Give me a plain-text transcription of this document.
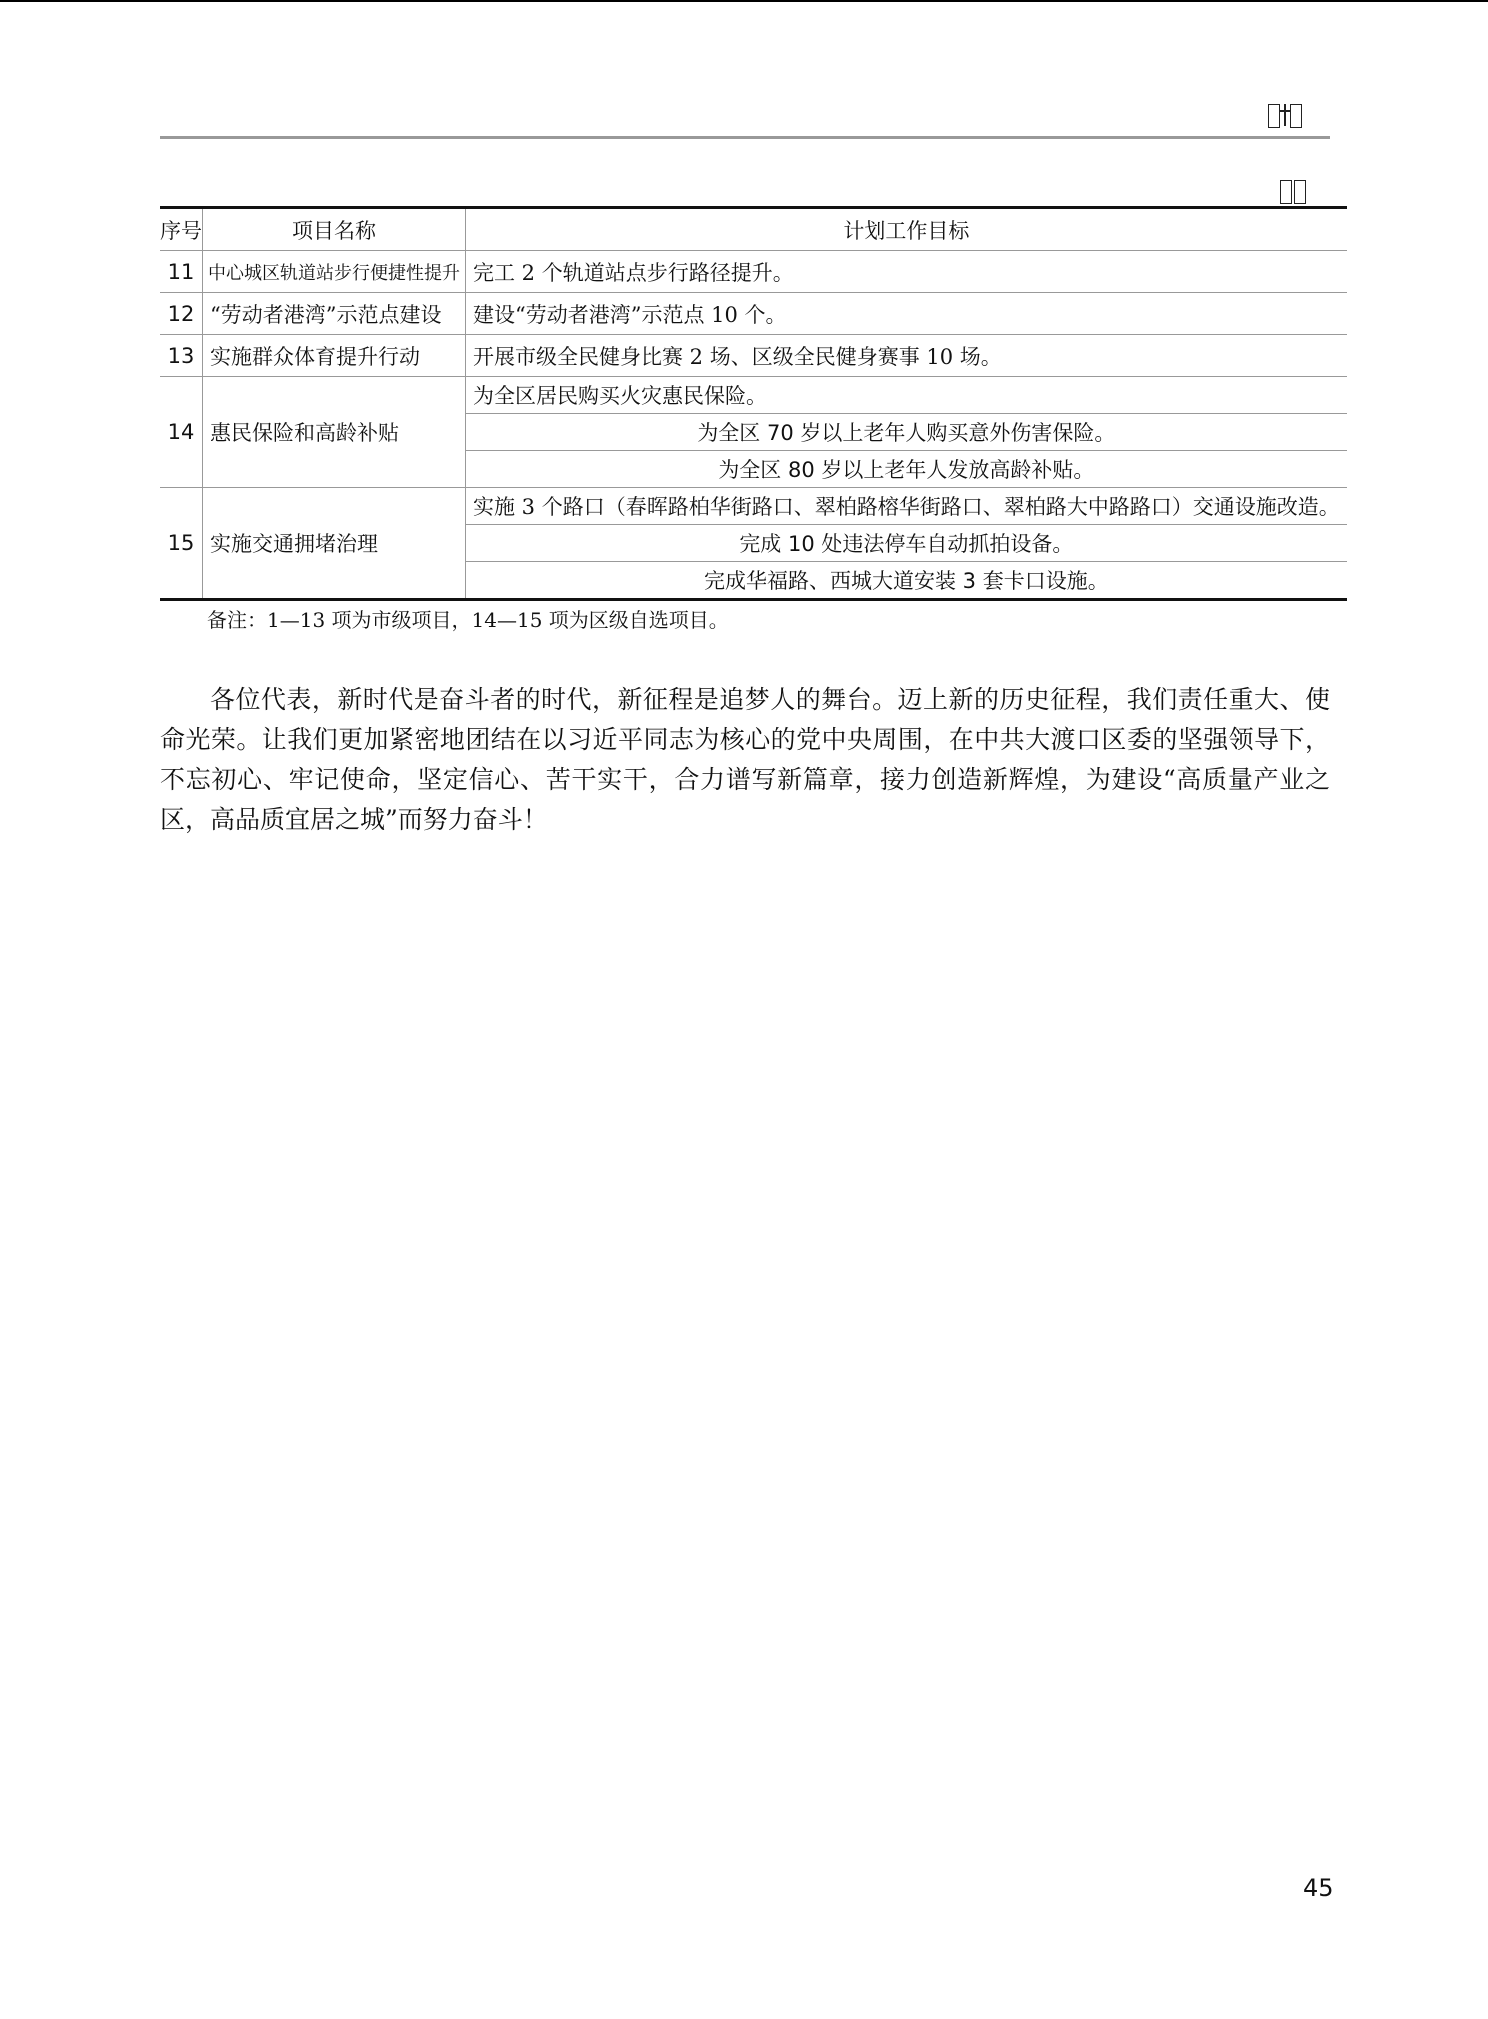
序号	项目名称	计划工作目标
11	中心城区轨道站步行便捷性提升	完工 2 个轨道站点步行路径提升。
12	“劳动者港湾”示范点建设	建设“劳动者港湾”示范点 10 个。
13	实施群众体育提升行动	开展市级全民健身比赛 2 场、区级全民健身赛事 10 场。
14	惠民保险和高龄补贴	为全区居民购买火灾惠民保险。
		为全区 70 岁以上老年人购买意外伤害保险。
		为全区 80 岁以上老年人发放高龄补贴。
15	实施交通拥堵治理	实施 3 个路口（春晖路柏华街路口、翠柏路榕华街路口、翠柏路大中路路口）交通设施改造。
		完成 10 处违法停车自动抓拍设备。
		完成华福路、西城大道安装 3 套卡口设施。
备注：1—13 项为市级项目，14—15 项为区级自选项目。
各位代表，新时代是奋斗者的时代，新征程是追梦人的舞台。迈上新的历史征程，我们责任重大、使命光荣。让我们更加紧密地团结在以习近平同志为核心的党中央周围，在中共大渡口区委的坚强领导下，不忘初心、牢记使命，坚定信心、苦干实干，合力谱写新篇章，接力创造新辉煌，为建设“高质量产业之区，高品质宜居之城”而努力奋斗！
45
